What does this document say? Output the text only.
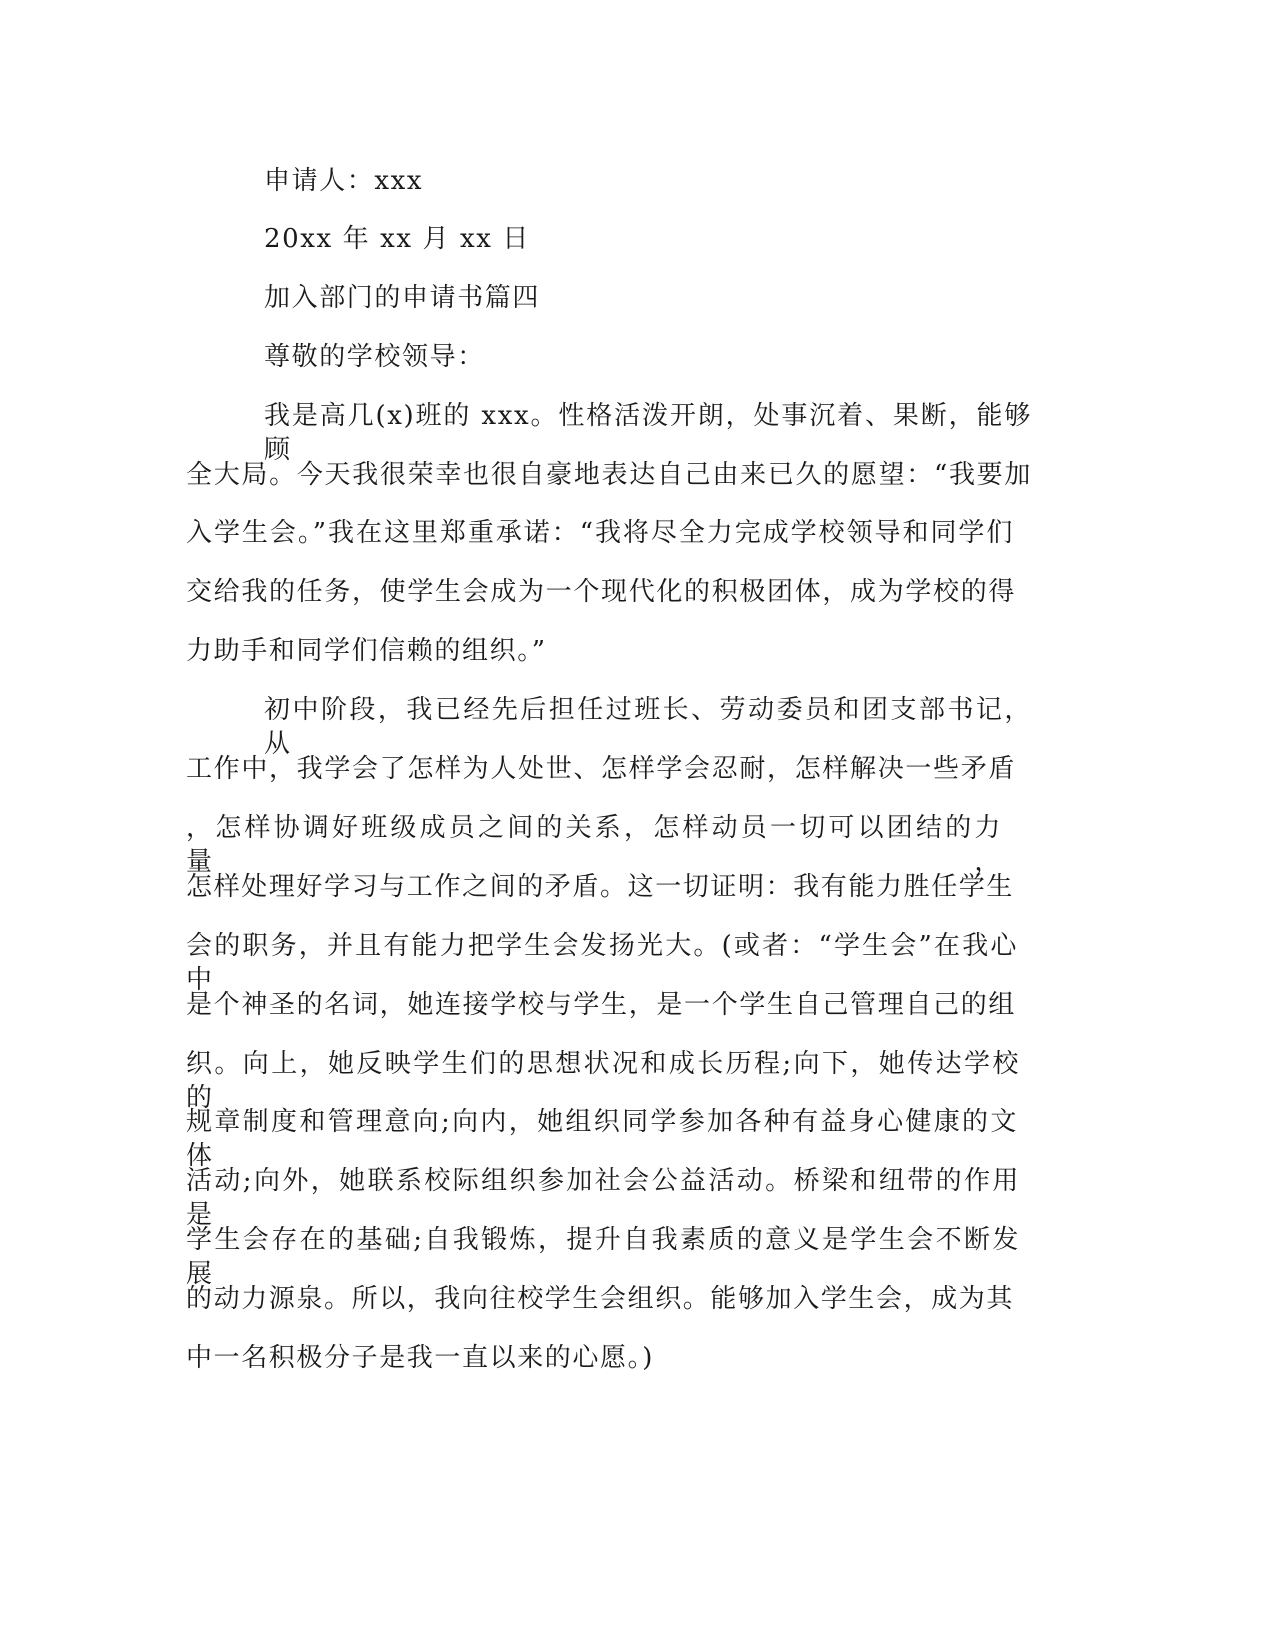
申请人：xxx
20xx 年 xx 月 xx 日
加入部门的申请书篇四
尊敬的学校领导：
我是高几(x)班的 xxx。性格活泼开朗，处事沉着、果断，能够顾
全大局。今天我很荣幸也很自豪地表达自己由来已久的愿望：“我要加
入学生会。”我在这里郑重承诺：“我将尽全力完成学校领导和同学们
交给我的任务，使学生会成为一个现代化的积极团体，成为学校的得
力助手和同学们信赖的组织。”
初中阶段，我已经先后担任过班长、劳动委员和团支部书记，从
工作中，我学会了怎样为人处世、怎样学会忍耐，怎样解决一些矛盾
，怎样协调好班级成员之间的关系，怎样动员一切可以团结的力量，
怎样处理好学习与工作之间的矛盾。这一切证明：我有能力胜任学生
会的职务，并且有能力把学生会发扬光大。(或者：“学生会”在我心中
是个神圣的名词，她连接学校与学生，是一个学生自己管理自己的组
织。向上，她反映学生们的思想状况和成长历程;向下，她传达学校的
规章制度和管理意向;向内，她组织同学参加各种有益身心健康的文体
活动;向外，她联系校际组织参加社会公益活动。桥梁和纽带的作用是
学生会存在的基础;自我锻炼，提升自我素质的意义是学生会不断发展
的动力源泉。所以，我向往校学生会组织。能够加入学生会，成为其
中一名积极分子是我一直以来的心愿。)
